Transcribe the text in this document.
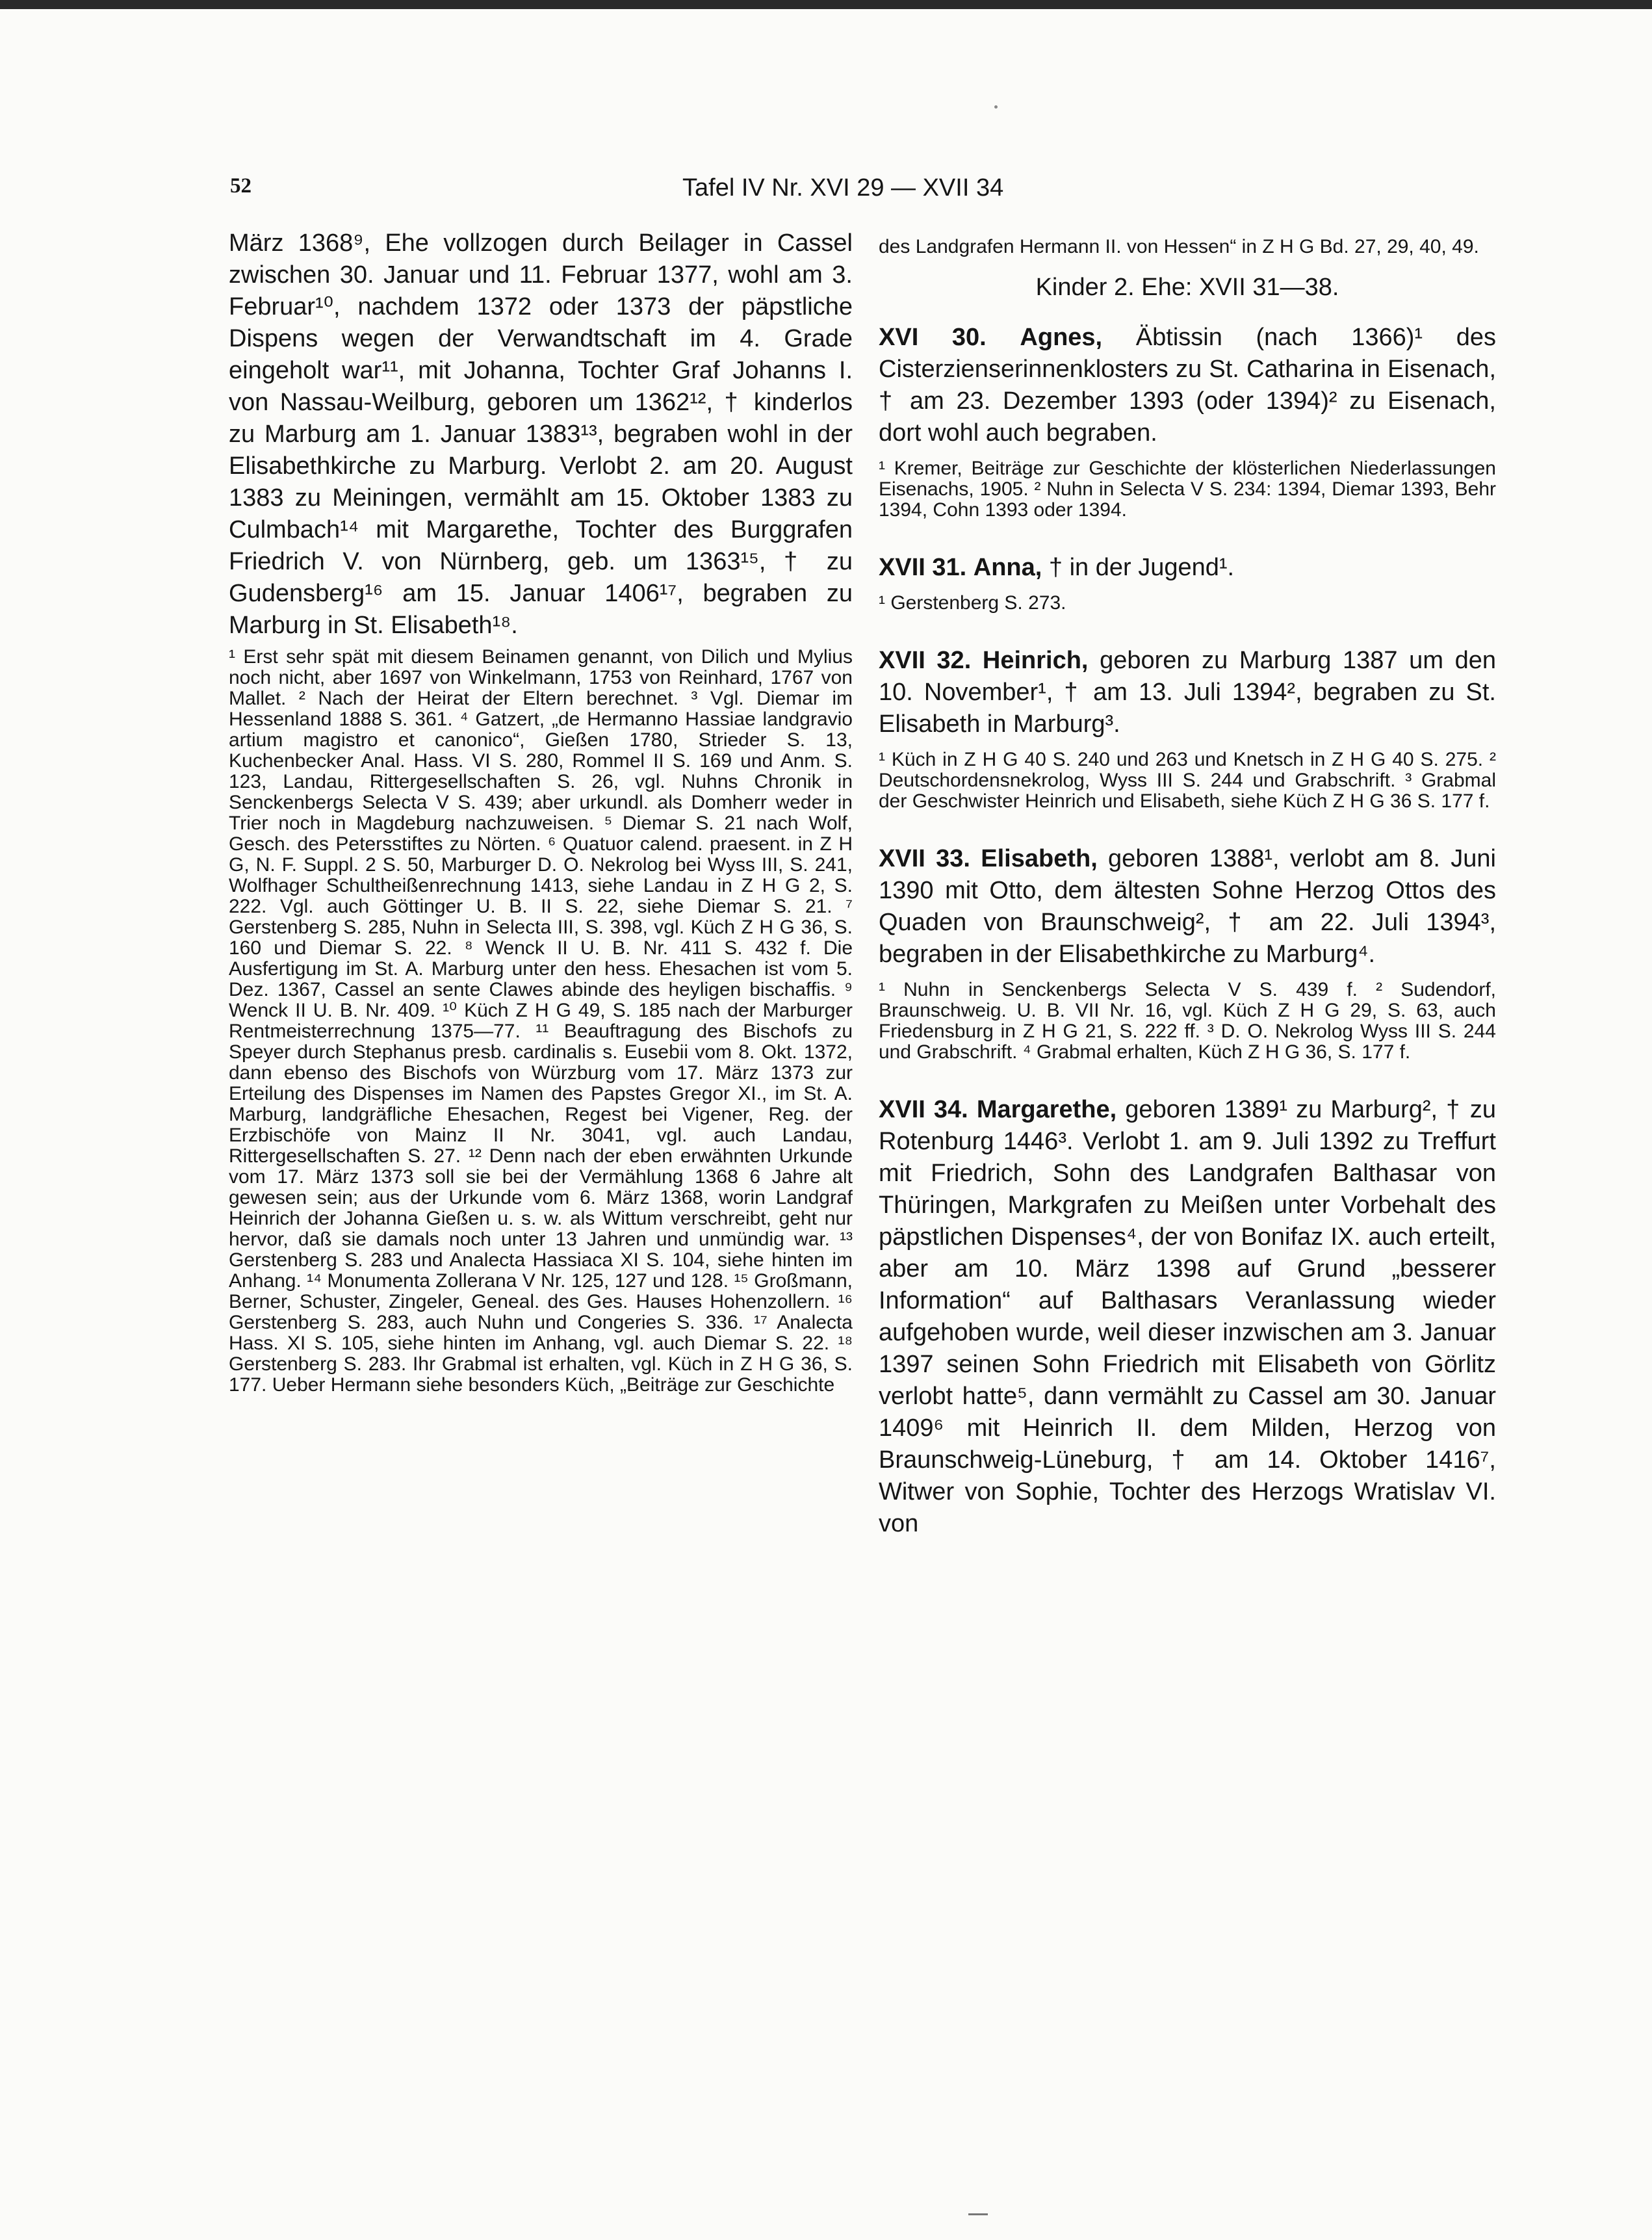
52	Tafel IV Nr. XVI 29 — XVII 34

März 1368⁹, Ehe vollzogen durch Beilager in Cassel zwischen 30. Januar und 11. Februar 1377, wohl am 3. Februar¹⁰, nachdem 1372 oder 1373 der päpstliche Dispens wegen der Verwandtschaft im 4. Grade eingeholt war¹¹, mit Johanna, Tochter Graf Johanns I. von Nassau-Weilburg, geboren um 1362¹², † kinderlos zu Marburg am 1. Januar 1383¹³, begraben wohl in der Elisabethkirche zu Marburg. Verlobt 2. am 20. August 1383 zu Meiningen, vermählt am 15. Oktober 1383 zu Culmbach¹⁴ mit Margarethe, Tochter des Burggrafen Friedrich V. von Nürnberg, geb. um 1363¹⁵, † zu Gudensberg¹⁶ am 15. Januar 1406¹⁷, begraben zu Marburg in St. Elisabeth¹⁸.

¹ Erst sehr spät mit diesem Beinamen genannt, von Dilich und Mylius noch nicht, aber 1697 von Winkelmann, 1753 von Reinhard, 1767 von Mallet. ² Nach der Heirat der Eltern berechnet. ³ Vgl. Diemar im Hessenland 1888 S. 361. ⁴ Gatzert, „de Hermanno Hassiae landgravio artium magistro et canonico“, Gießen 1780, Strieder S. 13, Kuchenbecker Anal. Hass. VI S. 280, Rommel II S. 169 und Anm. S. 123, Landau, Rittergesellschaften S. 26, vgl. Nuhns Chronik in Senckenbergs Selecta V S. 439; aber urkundl. als Domherr weder in Trier noch in Magdeburg nachzuweisen. ⁵ Diemar S. 21 nach Wolf, Gesch. des Petersstiftes zu Nörten. ⁶ Quatuor calend. praesent. in Z H G, N. F. Suppl. 2 S. 50, Marburger D. O. Nekrolog bei Wyss III, S. 241, Wolfhager Schultheißenrechnung 1413, siehe Landau in Z H G 2, S. 222. Vgl. auch Göttinger U. B. II S. 22, siehe Diemar S. 21. ⁷ Gerstenberg S. 285, Nuhn in Selecta III, S. 398, vgl. Küch Z H G 36, S. 160 und Diemar S. 22. ⁸ Wenck II U. B. Nr. 411 S. 432 f. Die Ausfertigung im St. A. Marburg unter den hess. Ehesachen ist vom 5. Dez. 1367, Cassel an sente Clawes abinde des heyligen bischaffis. ⁹ Wenck II U. B. Nr. 409. ¹⁰ Küch Z H G 49, S. 185 nach der Marburger Rentmeisterrechnung 1375—77. ¹¹ Beauftragung des Bischofs zu Speyer durch Stephanus presb. cardinalis s. Eusebii vom 8. Okt. 1372, dann ebenso des Bischofs von Würzburg vom 17. März 1373 zur Erteilung des Dispenses im Namen des Papstes Gregor XI., im St. A. Marburg, landgräfliche Ehesachen, Regest bei Vigener, Reg. der Erzbischöfe von Mainz II Nr. 3041, vgl. auch Landau, Rittergesellschaften S. 27. ¹² Denn nach der eben erwähnten Urkunde vom 17. März 1373 soll sie bei der Vermählung 1368 6 Jahre alt gewesen sein; aus der Urkunde vom 6. März 1368, worin Landgraf Heinrich der Johanna Gießen u. s. w. als Wittum verschreibt, geht nur hervor, daß sie damals noch unter 13 Jahren und unmündig war. ¹³ Gerstenberg S. 283 und Analecta Hassiaca XI S. 104, siehe hinten im Anhang. ¹⁴ Monumenta Zollerana V Nr. 125, 127 und 128. ¹⁵ Großmann, Berner, Schuster, Zingeler, Geneal. des Ges. Hauses Hohenzollern. ¹⁶ Gerstenberg S. 283, auch Nuhn und Congeries S. 336. ¹⁷ Analecta Hass. XI S. 105, siehe hinten im Anhang, vgl. auch Diemar S. 22. ¹⁸ Gerstenberg S. 283. Ihr Grabmal ist erhalten, vgl. Küch in Z H G 36, S. 177. Ueber Hermann siehe besonders Küch, „Beiträge zur Geschichte

des Landgrafen Hermann II. von Hessen“ in Z H G Bd. 27, 29, 40, 49.

Kinder 2. Ehe: XVII 31—38.

XVI 30. Agnes, Äbtissin (nach 1366)¹ des Cisterzienserinnenklosters zu St. Catharina in Eisenach, † am 23. Dezember 1393 (oder 1394)² zu Eisenach, dort wohl auch begraben.

¹ Kremer, Beiträge zur Geschichte der klösterlichen Niederlassungen Eisenachs, 1905. ² Nuhn in Selecta V S. 234: 1394, Diemar 1393, Behr 1394, Cohn 1393 oder 1394.

XVII 31. Anna, † in der Jugend¹.

¹ Gerstenberg S. 273.

XVII 32. Heinrich, geboren zu Marburg 1387 um den 10. November¹, † am 13. Juli 1394², begraben zu St. Elisabeth in Marburg³.

¹ Küch in Z H G 40 S. 240 und 263 und Knetsch in Z H G 40 S. 275. ² Deutschordensnekrolog, Wyss III S. 244 und Grabschrift. ³ Grabmal der Geschwister Heinrich und Elisabeth, siehe Küch Z H G 36 S. 177 f.

XVII 33. Elisabeth, geboren 1388¹, verlobt am 8. Juni 1390 mit Otto, dem ältesten Sohne Herzog Ottos des Quaden von Braunschweig², † am 22. Juli 1394³, begraben in der Elisabethkirche zu Marburg⁴.

¹ Nuhn in Senckenbergs Selecta V S. 439 f. ² Sudendorf, Braunschweig. U. B. VII Nr. 16, vgl. Küch Z H G 29, S. 63, auch Friedensburg in Z H G 21, S. 222 ff. ³ D. O. Nekrolog Wyss III S. 244 und Grabschrift. ⁴ Grabmal erhalten, Küch Z H G 36, S. 177 f.

XVII 34. Margarethe, geboren 1389¹ zu Marburg², † zu Rotenburg 1446³. Verlobt 1. am 9. Juli 1392 zu Treffurt mit Friedrich, Sohn des Landgrafen Balthasar von Thüringen, Markgrafen zu Meißen unter Vorbehalt des päpstlichen Dispenses⁴, der von Bonifaz IX. auch erteilt, aber am 10. März 1398 auf Grund „besserer Information“ auf Balthasars Veranlassung wieder aufgehoben wurde, weil dieser inzwischen am 3. Januar 1397 seinen Sohn Friedrich mit Elisabeth von Görlitz verlobt hatte⁵, dann vermählt zu Cassel am 30. Januar 1409⁶ mit Heinrich II. dem Milden, Herzog von Braunschweig-Lüneburg, † am 14. Oktober 1416⁷, Witwer von Sophie, Tochter des Herzogs Wratislav VI. von
